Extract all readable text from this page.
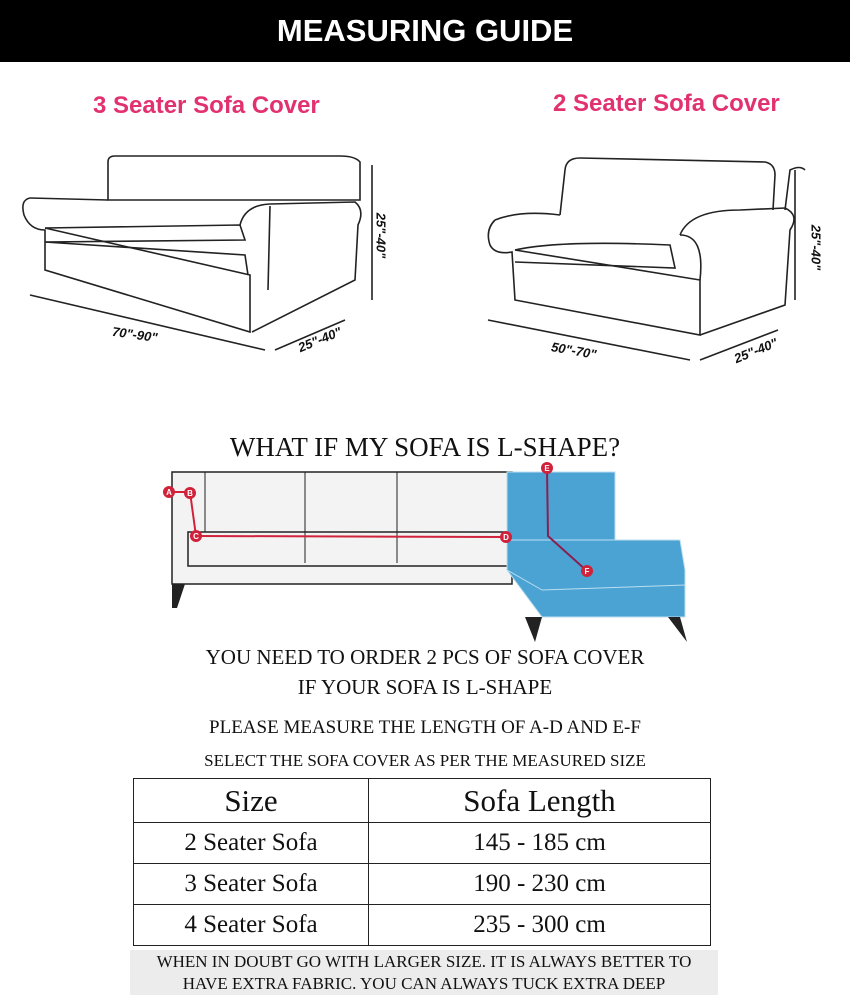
MEASURING GUIDE
3 Seater Sofa Cover	2 Seater Sofa Cover
70"-90"	25"-40"
25"-40"
50"-70"	25"-40"
25"-40"
WHAT IF MY SOFA IS L-SHAPE?
A B
C	D
E
F
YOU NEED TO ORDER 2 PCS OF SOFA COVER
IF YOUR SOFA IS L-SHAPE
PLEASE MEASURE THE LENGTH OF A-D AND E-F
SELECT THE SOFA COVER AS PER THE MEASURED SIZE
Size	Sofa Length
2 Seater Sofa	145 - 185 cm
3 Seater Sofa	190 - 230 cm
4 Seater Sofa	235 - 300 cm
WHEN IN DOUBT GO WITH LARGER SIZE. IT IS ALWAYS BETTER TO
HAVE EXTRA FABRIC. YOU CAN ALWAYS TUCK EXTRA DEEP
